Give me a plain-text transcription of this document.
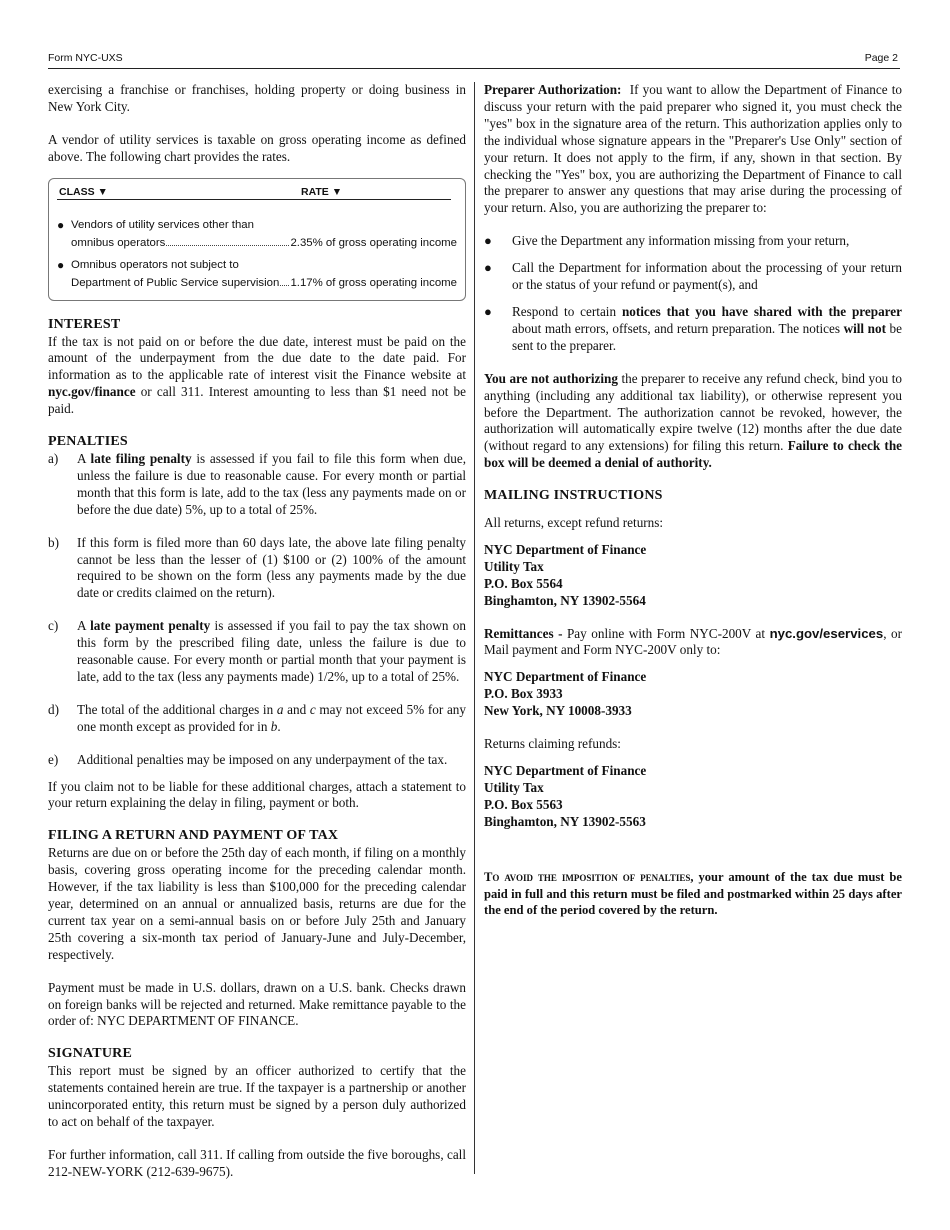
Form NYC-UXS	Page 2

exercising a franchise or franchises, holding property or doing business in New York City.

A vendor of utility services is taxable on gross operating income as defined above. The following chart provides the rates.

CLASS ▼	RATE ▼
● Vendors of utility services other than
omnibus operators	2.35% of gross operating income
● Omnibus operators not subject to
Department of Public Service supervision 1.17% of gross operating income
INTEREST

If the tax is not paid on or before the due date, interest must be paid on the amount of the underpayment from the due date to the date paid. For information as to the applicable rate of interest visit the Finance website at nyc.gov/finance or call 311. Interest amounting to less than $1 need not be paid.

PENALTIES
a)	A late filing penalty is assessed if you fail to file this form when due, unless the failure is due to reasonable cause. For every month or partial month that this form is late, add to the tax (less any payments made on or before the due date) 5%, up to a total of 25%.
b)	If this form is filed more than 60 days late, the above late filing penalty cannot be less than the lesser of (1) $100 or (2) 100% of the amount required to be shown on the form (less any payments made by the due date or credits claimed on the return).
c)	A late payment penalty is assessed if you fail to pay the tax shown on this form by the prescribed filing date, unless the failure is due to reasonable cause. For every month or partial month that your payment is late, add to the tax (less any payments made) 1/2%, up to a total of 25%.
d)	The total of the additional charges in a and c may not exceed 5% for any one month except as provided for in b.
e)	Additional penalties may be imposed on any underpayment of the tax.

If you claim not to be liable for these additional charges, attach a statement to your return explaining the delay in filing, payment or both.

FILING A RETURN AND PAYMENT OF TAX

Returns are due on or before the 25th day of each month, if filing on a monthly basis, covering gross operating income for the preceding calendar month. However, if the tax liability is less than $100,000 for the preceding calendar year, determined on an annual or annualized basis, returns are due for the current tax year on a semi-annual basis on or before July 25th and January 25th covering a six-month tax period of January-June and July-December, respectively.

Payment must be made in U.S. dollars, drawn on a U.S. bank. Checks drawn on foreign banks will be rejected and returned. Make remittance payable to the order of: NYC DEPARTMENT OF FINANCE.

SIGNATURE

This report must be signed by an officer authorized to certify that the statements contained herein are true. If the taxpayer is a partnership or another unincorporated entity, this return must be signed by a person duly authorized to act on behalf of the taxpayer.

For further information, call 311. If calling from outside the five boroughs, call 212-NEW-YORK (212-639-9675).

Preparer Authorization: If you want to allow the Department of Finance to discuss your return with the paid preparer who signed it, you must check the "yes" box in the signature area of the return. This authorization applies only to the individual whose signature appears in the "Preparer's Use Only" section of your return. It does not apply to the firm, if any, shown in that section. By checking the "Yes" box, you are authorizing the Department of Finance to call the preparer to answer any questions that may arise during the processing of your return. Also, you are authorizing the preparer to:

●	Give the Department any information missing from your return,
●	Call the Department for information about the processing of your return or the status of your refund or payment(s), and
●	Respond to certain notices that you have shared with the preparer about math errors, offsets, and return preparation. The notices will not be sent to the preparer.

You are not authorizing the preparer to receive any refund check, bind you to anything (including any additional tax liability), or otherwise represent you before the Department. The authorization cannot be revoked, however, the authorization will automatically expire twelve (12) months after the due date (without regard to any extensions) for filing this return. Failure to check the box will be deemed a denial of authority.

MAILING INSTRUCTIONS

All returns, except refund returns:

NYC Department of Finance
Utility Tax
P.O. Box 5564
Binghamton, NY 13902-5564

Remittances - Pay online with Form NYC-200V at nyc.gov/eservices, or Mail payment and Form NYC-200V only to:

NYC Department of Finance
P.O. Box 3933
New York, NY 10008-3933

Returns claiming refunds:

NYC Department of Finance
Utility Tax
P.O. Box 5563
Binghamton, NY 13902-5563

To avoid the imposition of penalties, your amount of the tax due must be paid in full and this return must be filed and postmarked within 25 days after the end of the period covered by the return.
